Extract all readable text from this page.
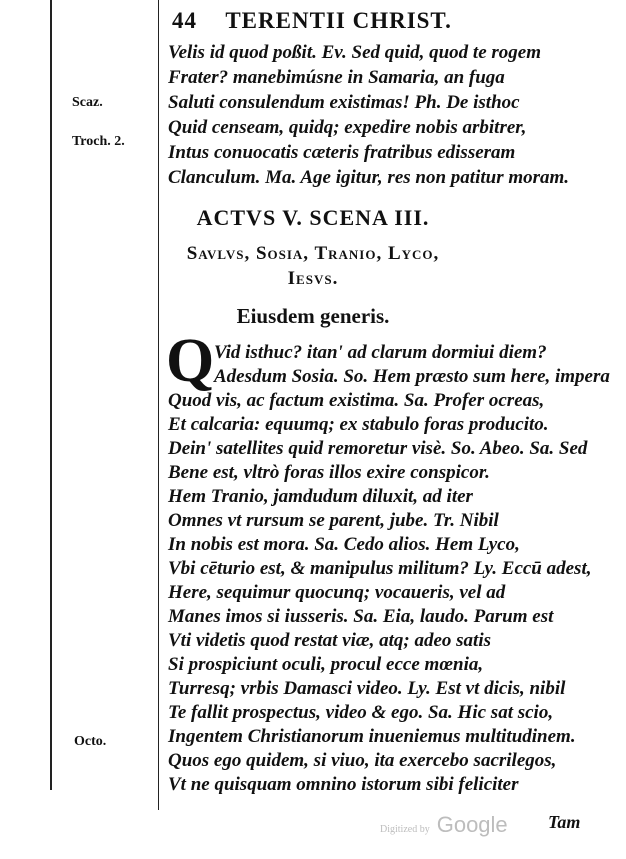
44 TERENTII CHRIST.
Velis id quod poßit. Ev. Sed quid, quod te rogem
Frater? manebimúsne in Samaria, an fuga
Saluti consulendum existimas! Ph. De isthoc
Quid censeam, quidq; expedire nobis arbitrer,
Intus conuocatis cæteris fratribus edisseram
Clanculum. Ma. Age igitur, res non patitur moram.
Scaz.
Troch. 2.
ACTVS V. SCENA III.
Savlvs, Sosia, Tranio, Lyco,
Iesvs.
Eiusdem generis.
Q Vid isthuc? itan' ad clarum dormiui diem?
Adesdum Sosia. So. Hem præsto sum here, impera
Quod vis, ac factum existima. Sa. Profer ocreas,
Et calcaria: equumq; ex stabulo foras producito.
Dein' satellites quid remoretur visè. So. Abeo. Sa. Sed
Bene est, vltrò foras illos exire conspicor.
Hem Tranio, jamdudum diluxit, ad iter
Omnes vt rursum se parent, jube. Tr. Nibil
In nobis est mora. Sa. Cedo alios. Hem Lyco,
Vbi cēturio est, & manipulus militum? Ly. Eccū adest,
Here, sequimur quocunq; vocaueris, vel ad
Manes imos si iusseris. Sa. Eia, laudo. Parum est
Vti videtis quod restat viæ, atq; adeo satis
Si prospiciunt oculi, procul ecce mœnia,
Turresq; vrbis Damasci video. Ly. Est vt dicis, nibil
Te fallit prospectus, video & ego. Sa. Hic sat scio,
Ingentem Christianorum inueniemus multitudinem.
Quos ego quidem, si viuo, ita exercebo sacrilegos,
Vt ne quisquam omnino istorum sibi feliciter
Octo.
Digitized by Google Tam
